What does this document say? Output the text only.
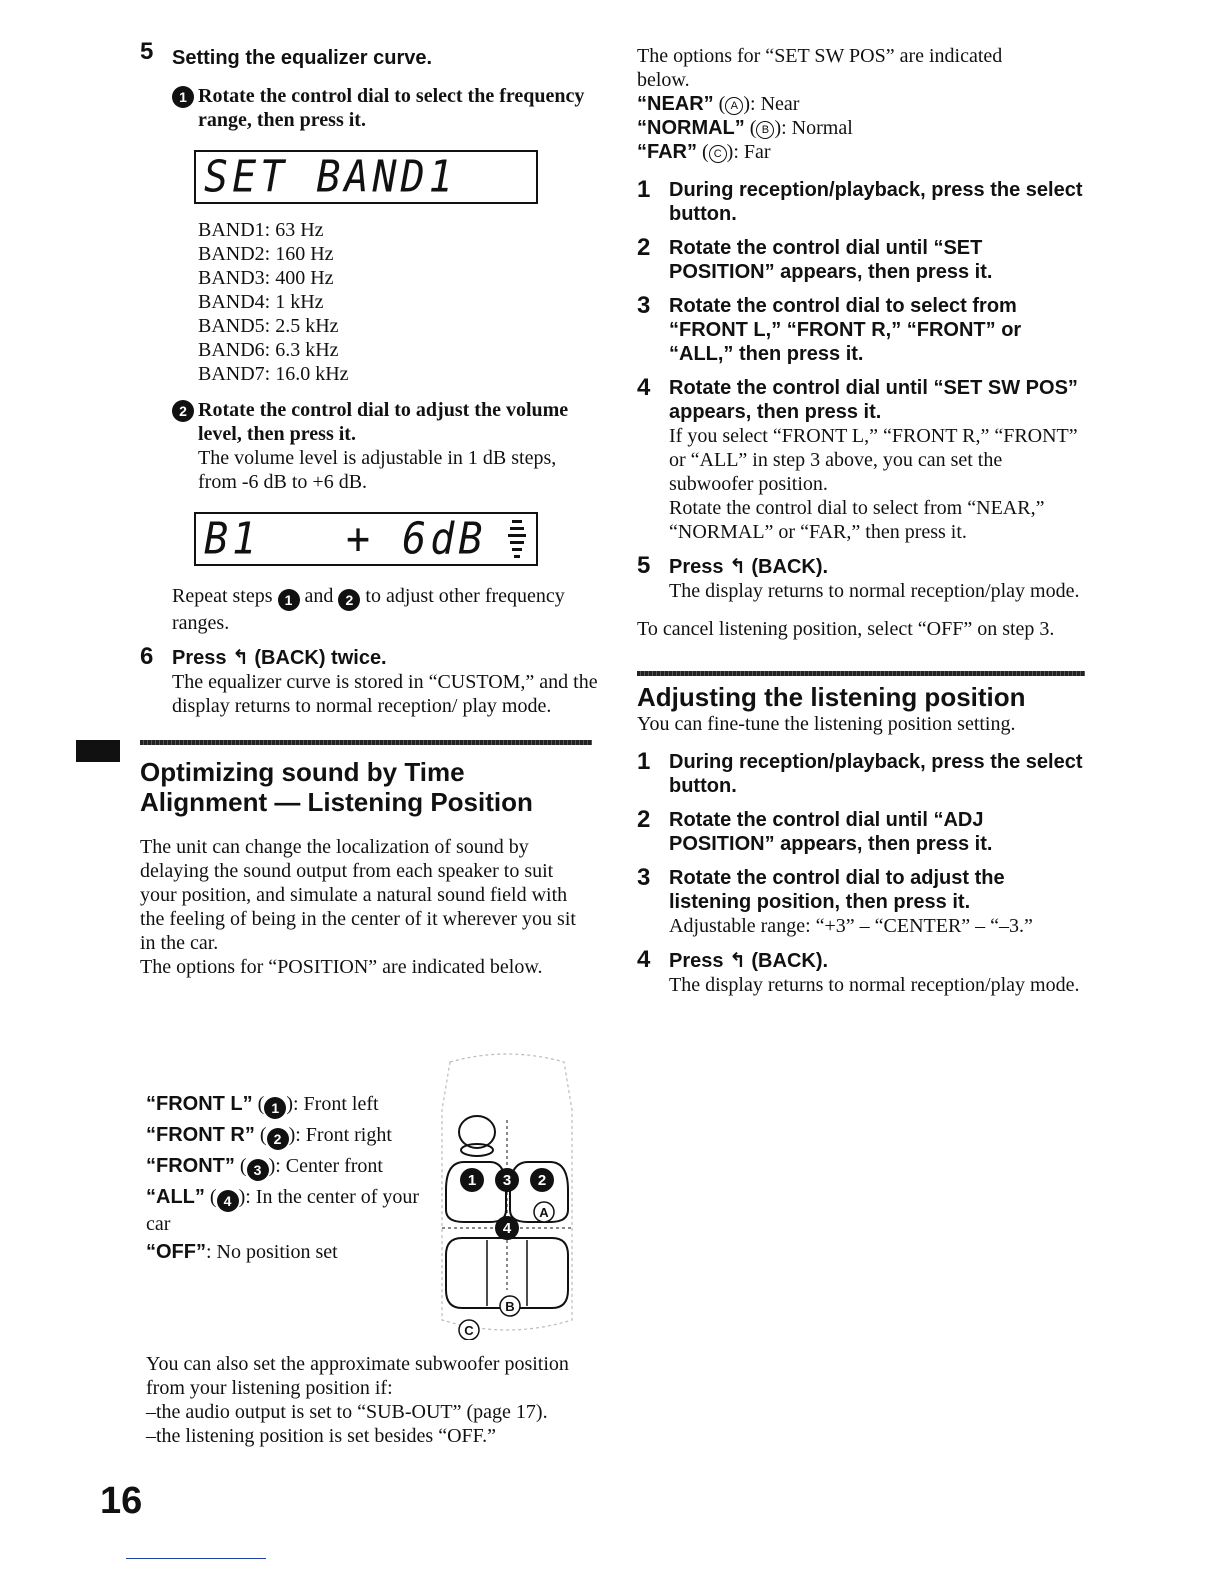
5 Setting the equalizer curve.
1 Rotate the control dial to select the frequency range, then press it.
SET BAND1
BAND1: 63 Hz
BAND2: 160 Hz
BAND3: 400 Hz
BAND4: 1 kHz
BAND5: 2.5 kHz
BAND6: 6.3 kHz
BAND7: 16.0 kHz
2 Rotate the control dial to adjust the volume level, then press it.
The volume level is adjustable in 1 dB steps, from -6 dB to +6 dB.
B1 + 6dB
Repeat steps 1 and 2 to adjust other frequency ranges.
6 Press ↰ (BACK) twice.
The equalizer curve is stored in “CUSTOM,” and the display returns to normal reception/ play mode.
Optimizing sound by Time Alignment — Listening Position
The unit can change the localization of sound by delaying the sound output from each speaker to suit your position, and simulate a natural sound field with the feeling of being in the center of it wherever you sit in the car.
The options for “POSITION” are indicated below.
“FRONT L” ( 1 ): Front left
“FRONT R” ( 2 ): Front right
“FRONT” ( 3 ): Center front
“ALL” ( 4 ): In the center of your car
“OFF”: No position set
1 3 2
A
4
B
C
You can also set the approximate subwoofer position from your listening position if:
–the audio output is set to “SUB-OUT” (page 17).
–the listening position is set besides “OFF.”
16
The options for “SET SW POS” are indicated below.
“NEAR” ( A ): Near
“NORMAL” ( B ): Normal
“FAR” ( C ): Far
1 During reception/playback, press the select button.
2 Rotate the control dial until “SET POSITION” appears, then press it.
3 Rotate the control dial to select from “FRONT L,” “FRONT R,” “FRONT” or “ALL,” then press it.
4 Rotate the control dial until “SET SW POS” appears, then press it.
If you select “FRONT L,” “FRONT R,” “FRONT” or “ALL” in step 3 above, you can set the subwoofer position.
Rotate the control dial to select from “NEAR,” “NORMAL” or “FAR,” then press it.
5 Press ↰ (BACK).
The display returns to normal reception/play mode.
To cancel listening position, select “OFF” on step 3.
Adjusting the listening position
You can fine-tune the listening position setting.
1 During reception/playback, press the select button.
2 Rotate the control dial until “ADJ POSITION” appears, then press it.
3 Rotate the control dial to adjust the listening position, then press it.
Adjustable range: “+3” – “CENTER” – “–3.”
4 Press ↰ (BACK).
The display returns to normal reception/play mode.
